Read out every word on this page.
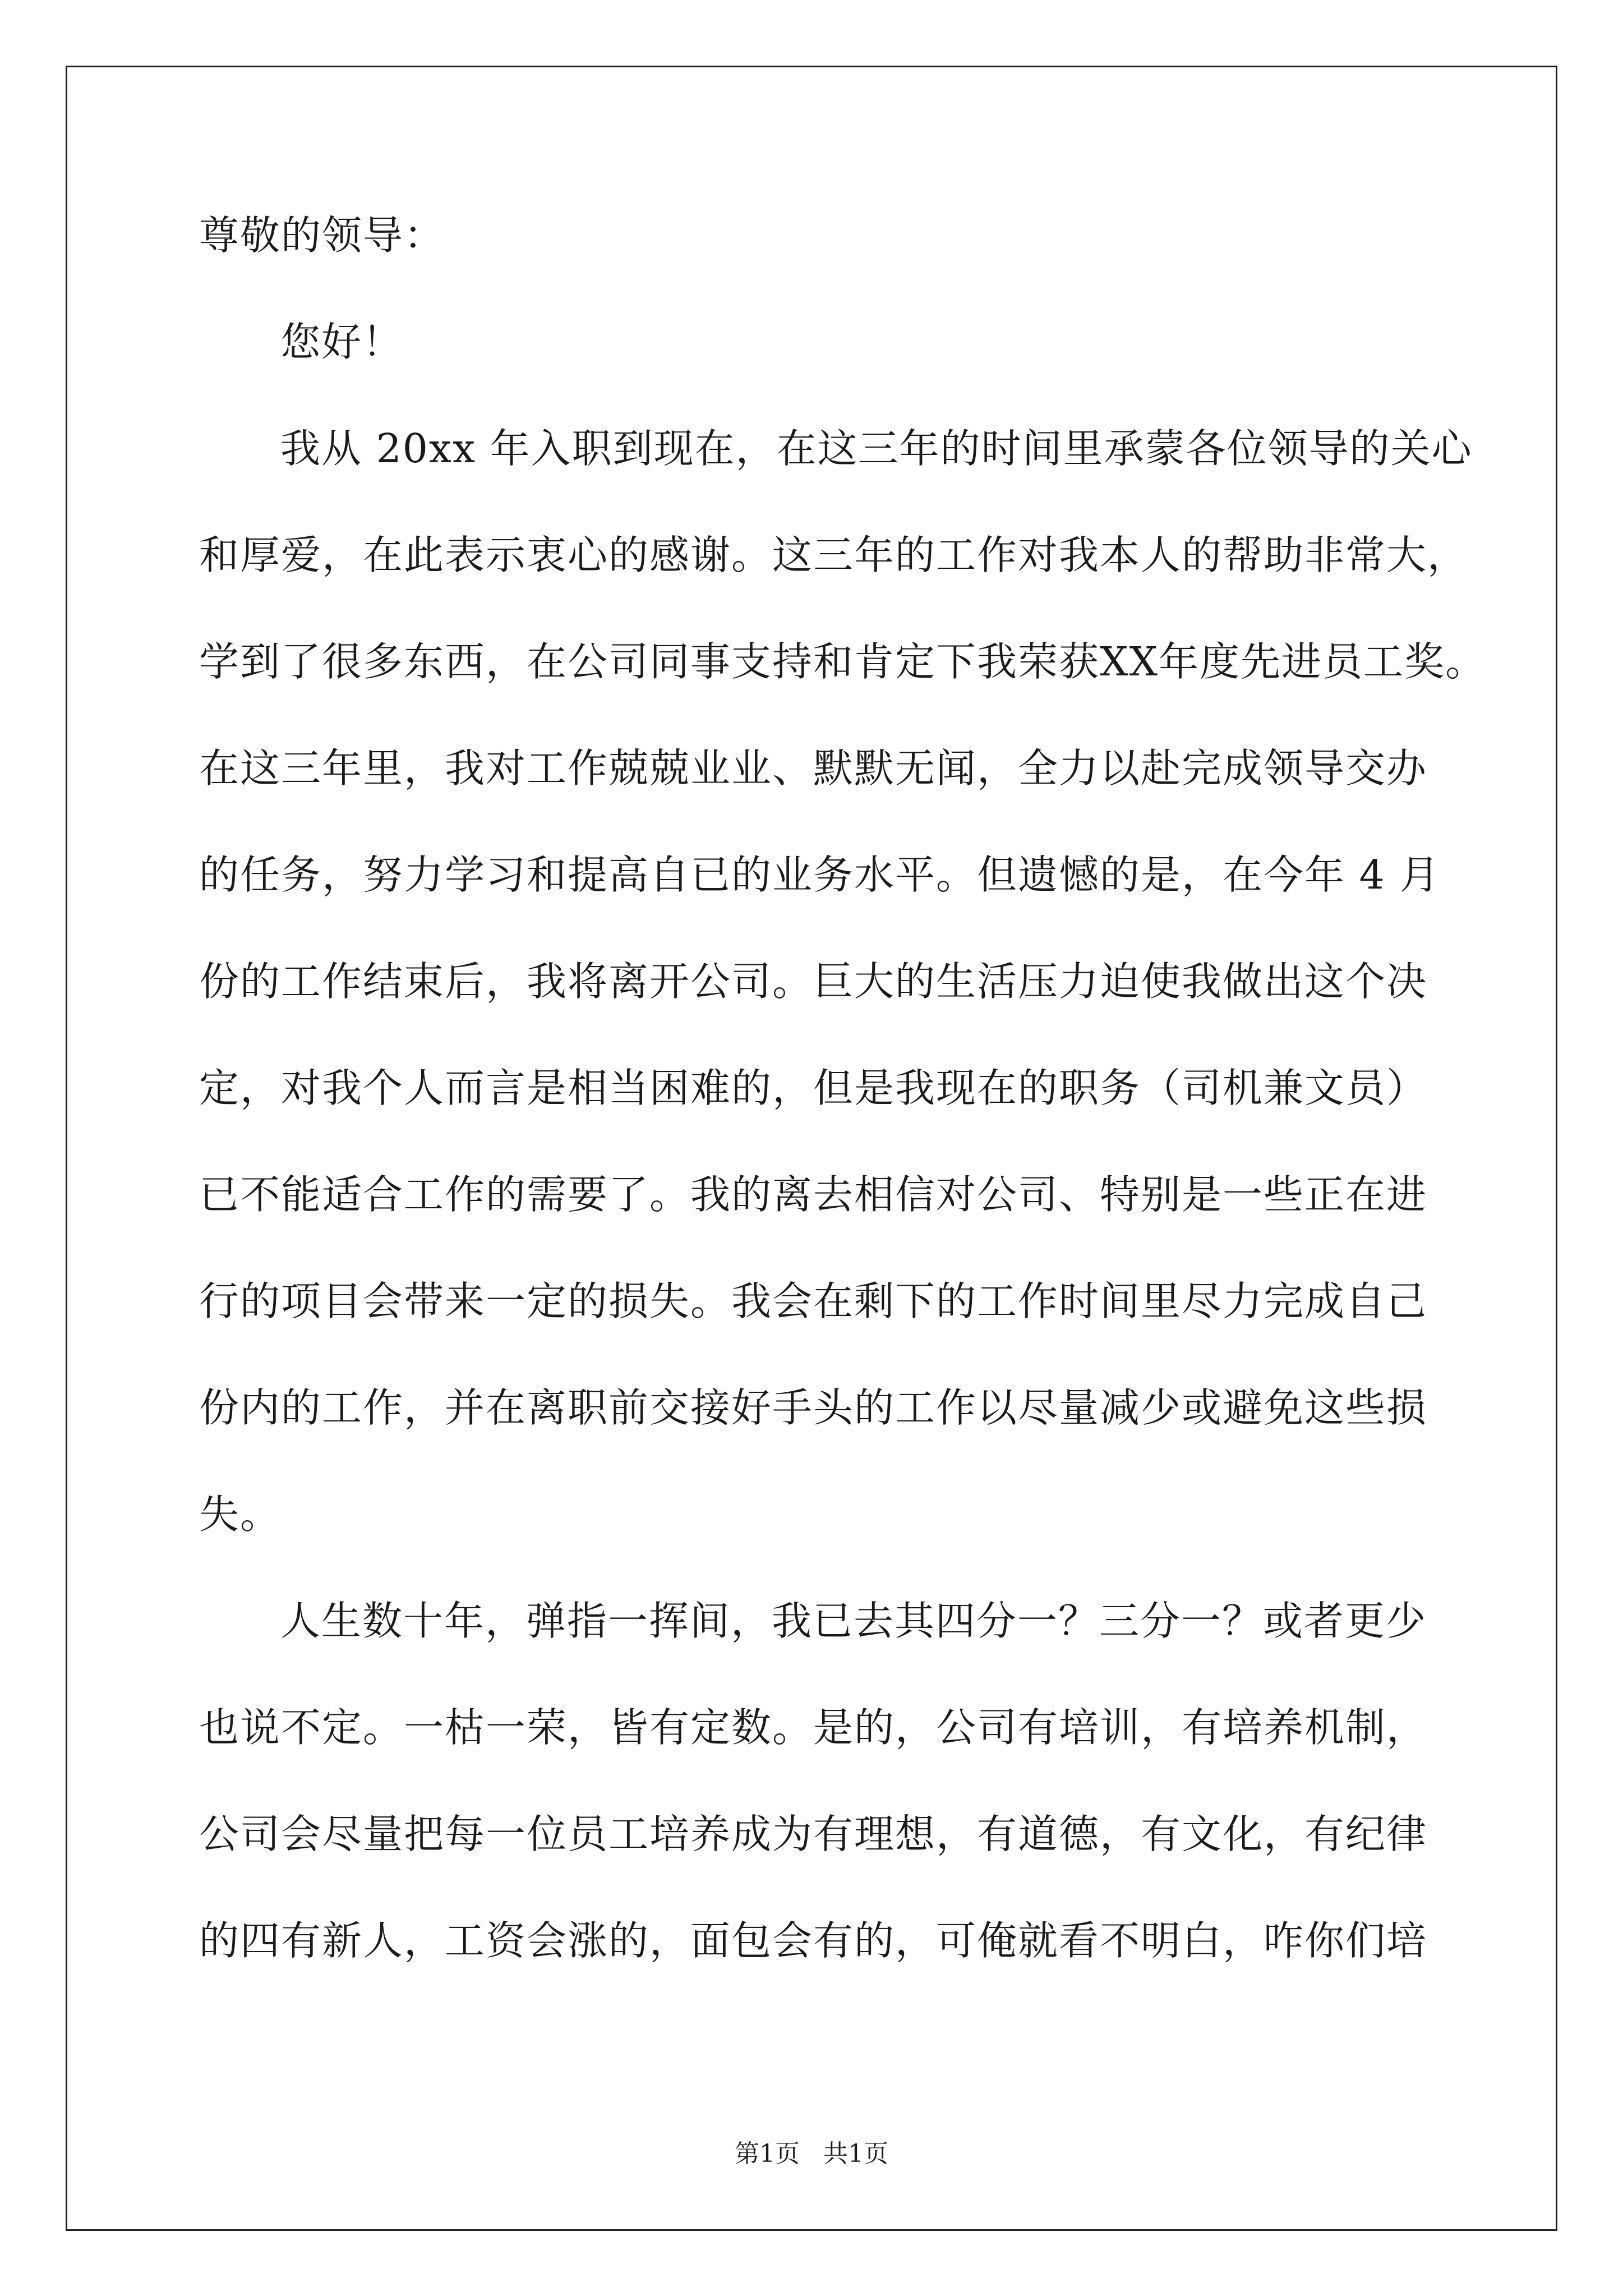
尊敬的领导：
您好！
我从 20xx 年入职到现在，在这三年的时间里承蒙各位领导的关心
和厚爱，在此表示衷心的感谢。这三年的工作对我本人的帮助非常大，
学到了很多东西，在公司同事支持和肯定下我荣获XX年度先进员工奖。
在这三年里，我对工作兢兢业业、默默无闻，全力以赴完成领导交办
的任务，努力学习和提高自已的业务水平。但遗憾的是，在今年 4 月
份的工作结束后，我将离开公司。巨大的生活压力迫使我做出这个决
定，对我个人而言是相当困难的，但是我现在的职务（司机兼文员）
已不能适合工作的需要了。我的离去相信对公司、特别是一些正在进
行的项目会带来一定的损失。我会在剩下的工作时间里尽力完成自己
份内的工作，并在离职前交接好手头的工作以尽量减少或避免这些损
失。
人生数十年，弹指一挥间，我已去其四分一？三分一？或者更少
也说不定。一枯一荣，皆有定数。是的，公司有培训，有培养机制，
公司会尽量把每一位员工培养成为有理想，有道德，有文化，有纪律
的四有新人，工资会涨的，面包会有的，可俺就看不明白，咋你们培
第1页   共1页
